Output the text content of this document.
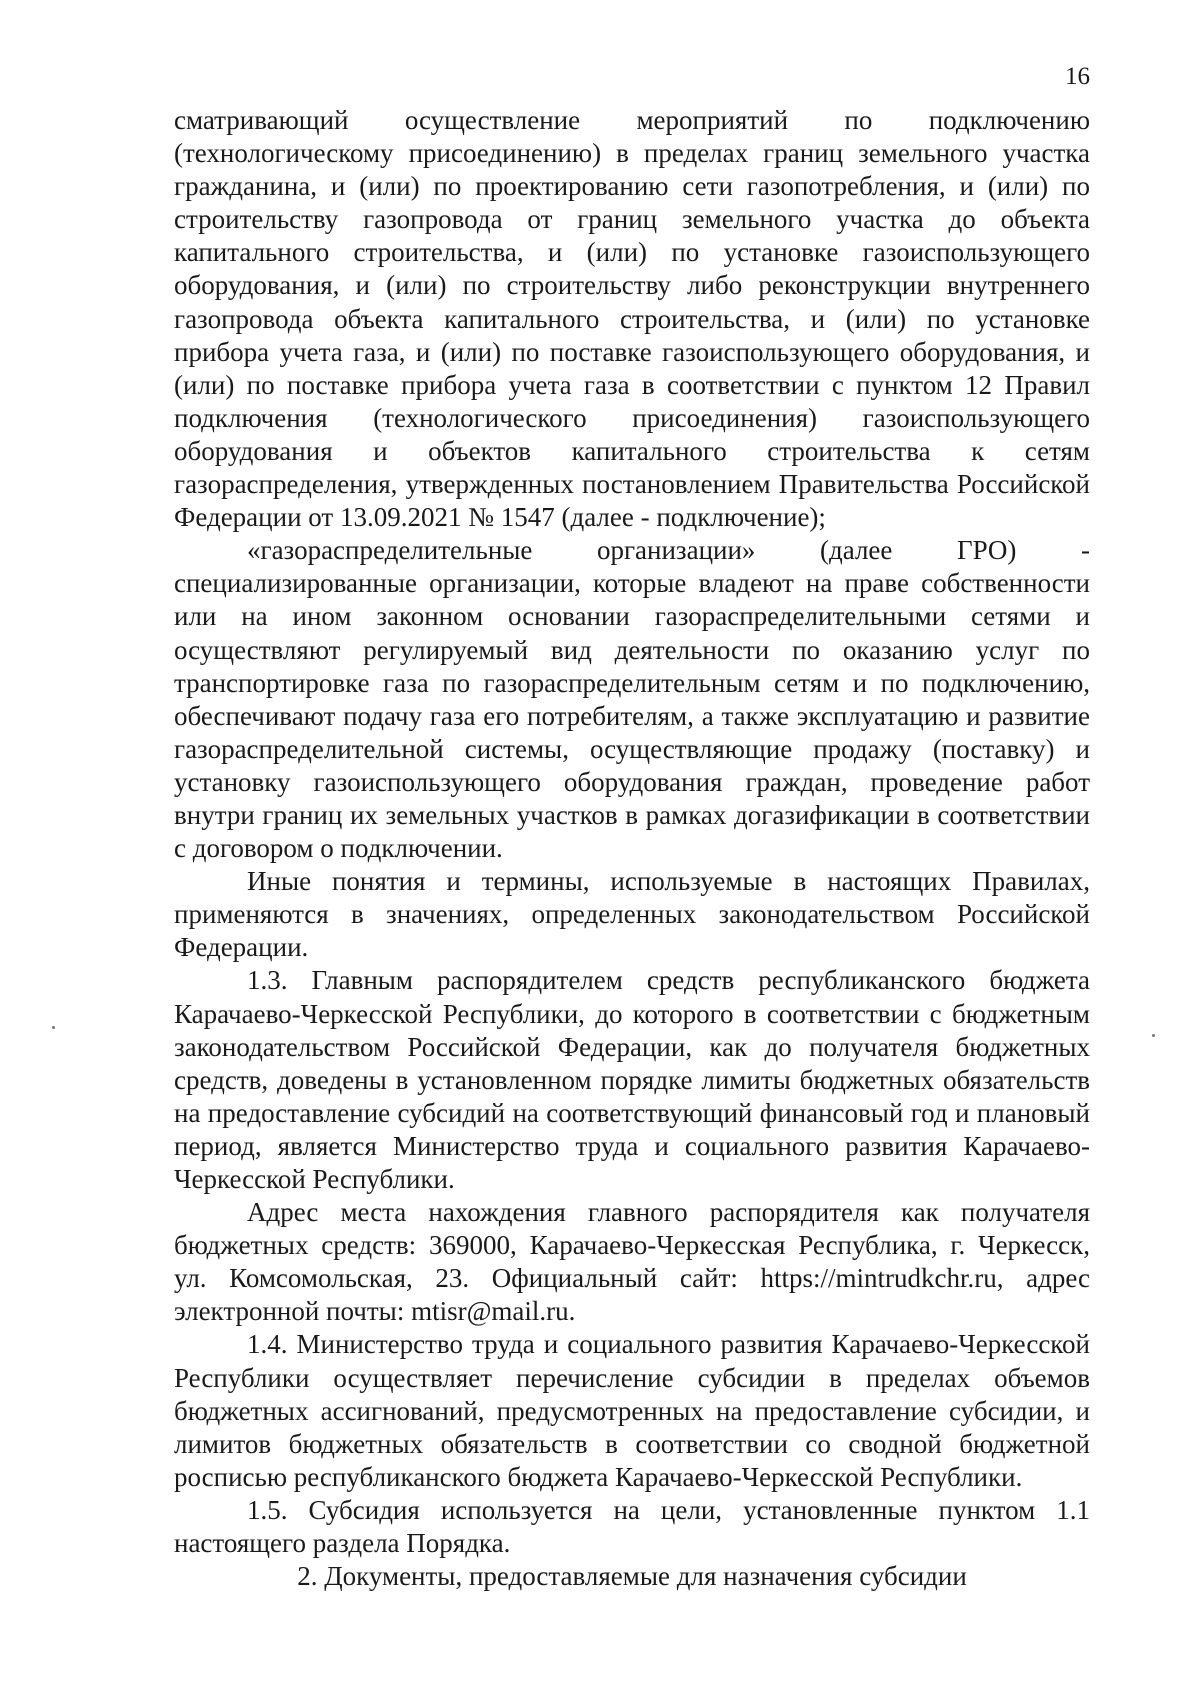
16

сматривающий осуществление мероприятий по подключению (технологическому присоединению) в пределах границ земельного участка гражданина, и (или) по проектированию сети газопотребления, и (или) по строительству газопровода от границ земельного участка до объекта капитального строительства, и (или) по установке газоиспользующего оборудования, и (или) по строительству либо реконструкции внутреннего газопровода объекта капитального строительства, и (или) по установке прибора учета газа, и (или) по поставке газоиспользующего оборудования, и (или) по поставке прибора учета газа в соответствии с пунктом 12 Правил подключения (технологического присоединения) газоиспользующего оборудования и объектов капитального строительства к сетям газораспределения, утвержденных постановлением Правительства Российской Федерации от 13.09.2021 № 1547 (далее - подключение);

«газораспределительные организации» (далее ГРО) - специализированные организации, которые владеют на праве собственности или на ином законном основании газораспределительными сетями и осуществляют регулируемый вид деятельности по оказанию услуг по транспортировке газа по газораспределительным сетям и по подключению, обеспечивают подачу газа его потребителям, а также эксплуатацию и развитие газораспределительной системы, осуществляющие продажу (поставку) и установку газоиспользующего оборудования граждан, проведение работ внутри границ их земельных участков в рамках догазификации в соответствии с договором о подключении.

Иные понятия и термины, используемые в настоящих Правилах, применяются в значениях, определенных законодательством Российской Федерации.

1.3. Главным распорядителем средств республиканского бюджета Карачаево-Черкесской Республики, до которого в соответствии с бюджетным законодательством Российской Федерации, как до получателя бюджетных средств, доведены в установленном порядке лимиты бюджетных обязательств на предоставление субсидий на соответствующий финансовый год и плановый период, является Министерство труда и социального развития Карачаево-Черкесской Республики.

Адрес места нахождения главного распорядителя как получателя бюджетных средств: 369000, Карачаево-Черкесская Республика, г. Черкесск, ул. Комсомольская, 23. Официальный сайт: https://mintrudkchr.ru, адрес электронной почты: mtisr@mail.ru.

1.4. Министерство труда и социального развития Карачаево-Черкесской Республики осуществляет перечисление субсидии в пределах объемов бюджетных ассигнований, предусмотренных на предоставление субсидии, и лимитов бюджетных обязательств в соответствии со сводной бюджетной росписью республиканского бюджета Карачаево-Черкесской Республики.

1.5. Субсидия используется на цели, установленные пунктом 1.1 настоящего раздела Порядка.

2. Документы, предоставляемые для назначения субсидии
